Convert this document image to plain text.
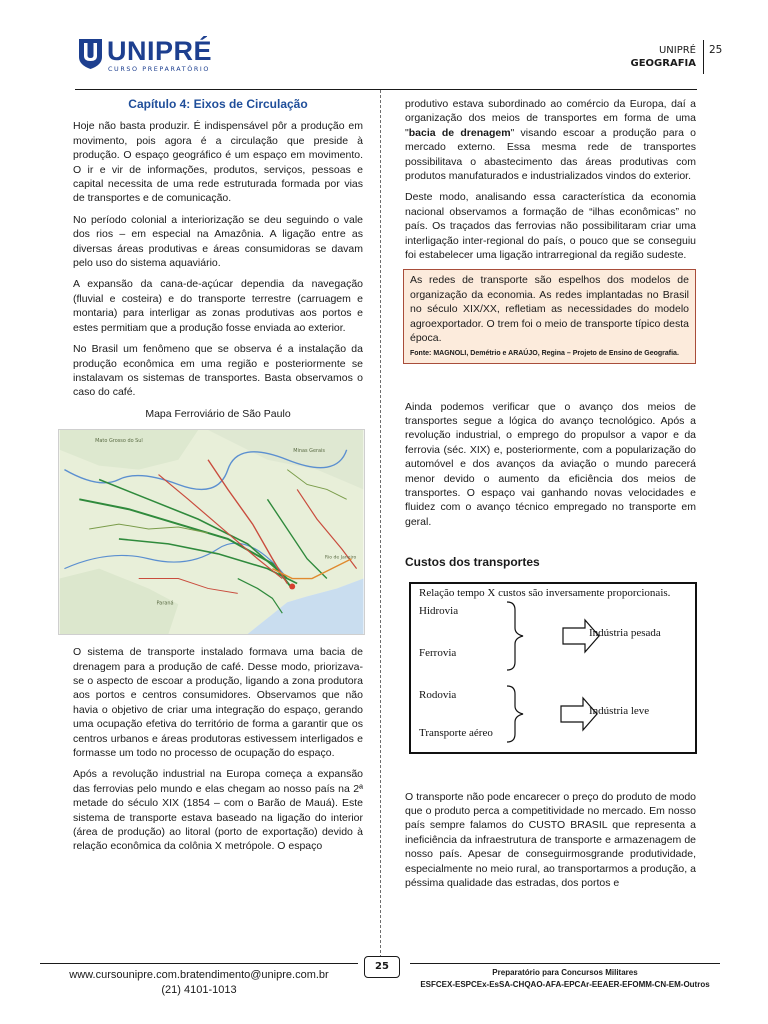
UNIPRÉ
CURSO PREPARATÓRIO
UNIPRÉ
GEOGRAFIA
25
Capítulo 4: Eixos de Circulação

Hoje não basta produzir. É indispensável pôr a produção em movimento, pois agora é a circulação que preside à produção. O espaço geográfico é um espaço em movimento. O ir e vir de informações, produtos, serviços, pessoas e capital necessita de uma rede estruturada formada por vias de transportes e de comunicação.

No período colonial a interiorização se deu seguindo o vale dos rios – em especial na Amazônia. A ligação entre as diversas áreas produtivas e áreas consumidoras se davam pelo uso do sistema aquaviário.

A expansão da cana-de-açúcar dependia da navegação (fluvial e costeira) e do transporte terrestre (carruagem e montaria) para interligar as zonas produtivas aos portos e estes permitiam que a produção fosse enviada ao exterior.

No Brasil um fenômeno que se observa é a instalação da produção econômica em uma região e posteriormente se instalavam os sistemas de transportes. Basta observamos o caso do café.

Mapa Ferroviário de São Paulo
Mato Grosso do Sul
Minas Gerais
Paraná
Rio de Janeiro

O sistema de transporte instalado formava uma bacia de drenagem para a produção de café. Desse modo, priorizava-se o aspecto de escoar a produção, ligando a zona produtora aos portos e centros consumidores. Observamos que não havia o objetivo de criar uma integração do espaço, gerando uma ocupação efetiva do território de forma a garantir que os centros urbanos e áreas produtoras estivessem interligados e formasse um todo no processo de ocupação do espaço.

Após a revolução industrial na Europa começa a expansão das ferrovias pelo mundo e elas chegam ao nosso país na 2ª metade do século XIX (1854 – com o Barão de Mauá). Este sistema de transporte estava baseado na ligação do interior (área de produção) ao litoral (porto de exportação) devido à relação econômica da colônia X metrópole. O espaço

produtivo estava subordinado ao comércio da Europa, daí a organização dos meios de transportes em forma de uma "bacia de drenagem" visando escoar a produção para o mercado externo. Essa mesma rede de transportes possibilitava o abastecimento das áreas produtivas com produtos manufaturados e industrializados vindos do exterior.

Deste modo, analisando essa característica da economia nacional observamos a formação de “ilhas econômicas” no país. Os traçados das ferrovias não possibilitaram criar uma interligação inter-regional do país, o pouco que se conseguiu foi estabelecer uma ligação intrarregional da região sudeste.

As redes de transporte são espelhos dos modelos de organização da economia. As redes implantadas no Brasil no século XIX/XX, refletiam as necessidades do modelo agroexportador. O trem foi o meio de transporte típico desta época.

Fonte: MAGNOLI, Demétrio e ARAÚJO, Regina – Projeto de Ensino de Geografia.

Ainda podemos verificar que o avanço dos meios de transportes segue a lógica do avanço tecnológico. Após a revolução industrial, o emprego do propulsor a vapor e da ferrovia (séc. XIX) e, posteriormente, com a popularização do automóvel e dos avanços da aviação o mundo parecerá menor devido o aumento da eficiência dos meios de transportes. O espaço vai ganhando novas velocidades e fluidez com o avanço técnico empregado no transporte em geral.

Custos dos transportes
Relação tempo X custos são inversamente proporcionais.
Hidrovia
Ferrovia
Indústria pesada
Rodovia
Transporte aéreo
Indústria leve

O transporte não pode encarecer o preço do produto de modo que o produto perca a competitividade no mercado. Em nosso país sempre falamos do CUSTO BRASIL que representa a ineficiência da infraestrutura de transporte e armazenagem de nosso país. Apesar de conseguirmosgrande produtividade, especialmente no meio rural, ao transportarmos a produção, a péssima qualidade das estradas, dos portos e

25
www.cursounipre.com.bratendimento@unipre.com.br
(21) 4101-1013
Preparatório para Concursos Militares
ESFCEX-ESPCEx-EsSA-CHQAO-AFA-EPCAr-EEAER-EFOMM-CN-EM-Outros
